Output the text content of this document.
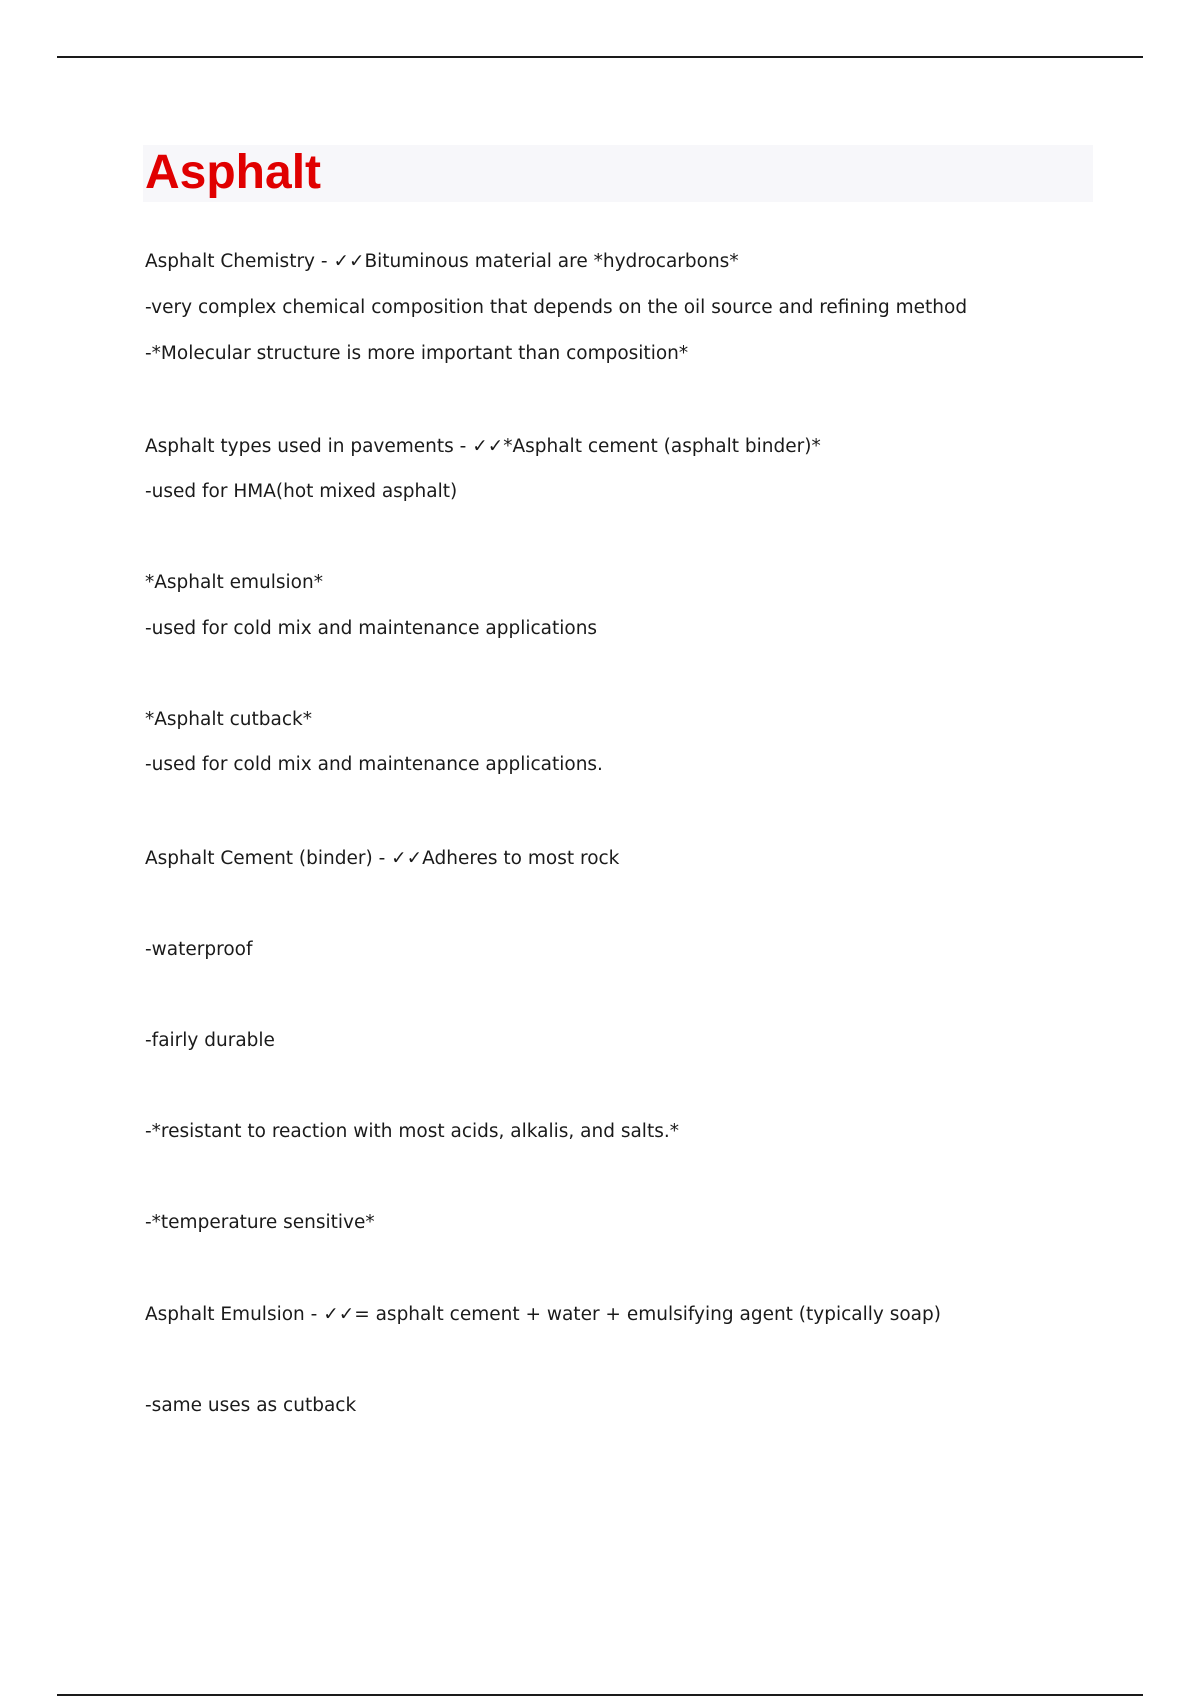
Asphalt

Asphalt Chemistry - ✓✓Bituminous material are *hydrocarbons*

-very complex chemical composition that depends on the oil source and refining method

-*Molecular structure is more important than composition*

Asphalt types used in pavements - ✓✓*Asphalt cement (asphalt binder)*

-used for HMA(hot mixed asphalt)

*Asphalt emulsion*

-used for cold mix and maintenance applications

*Asphalt cutback*

-used for cold mix and maintenance applications.

Asphalt Cement (binder) - ✓✓Adheres to most rock

-waterproof

-fairly durable

-*resistant to reaction with most acids, alkalis, and salts.*

-*temperature sensitive*

Asphalt Emulsion - ✓✓= asphalt cement + water + emulsifying agent (typically soap)

-same uses as cutback
